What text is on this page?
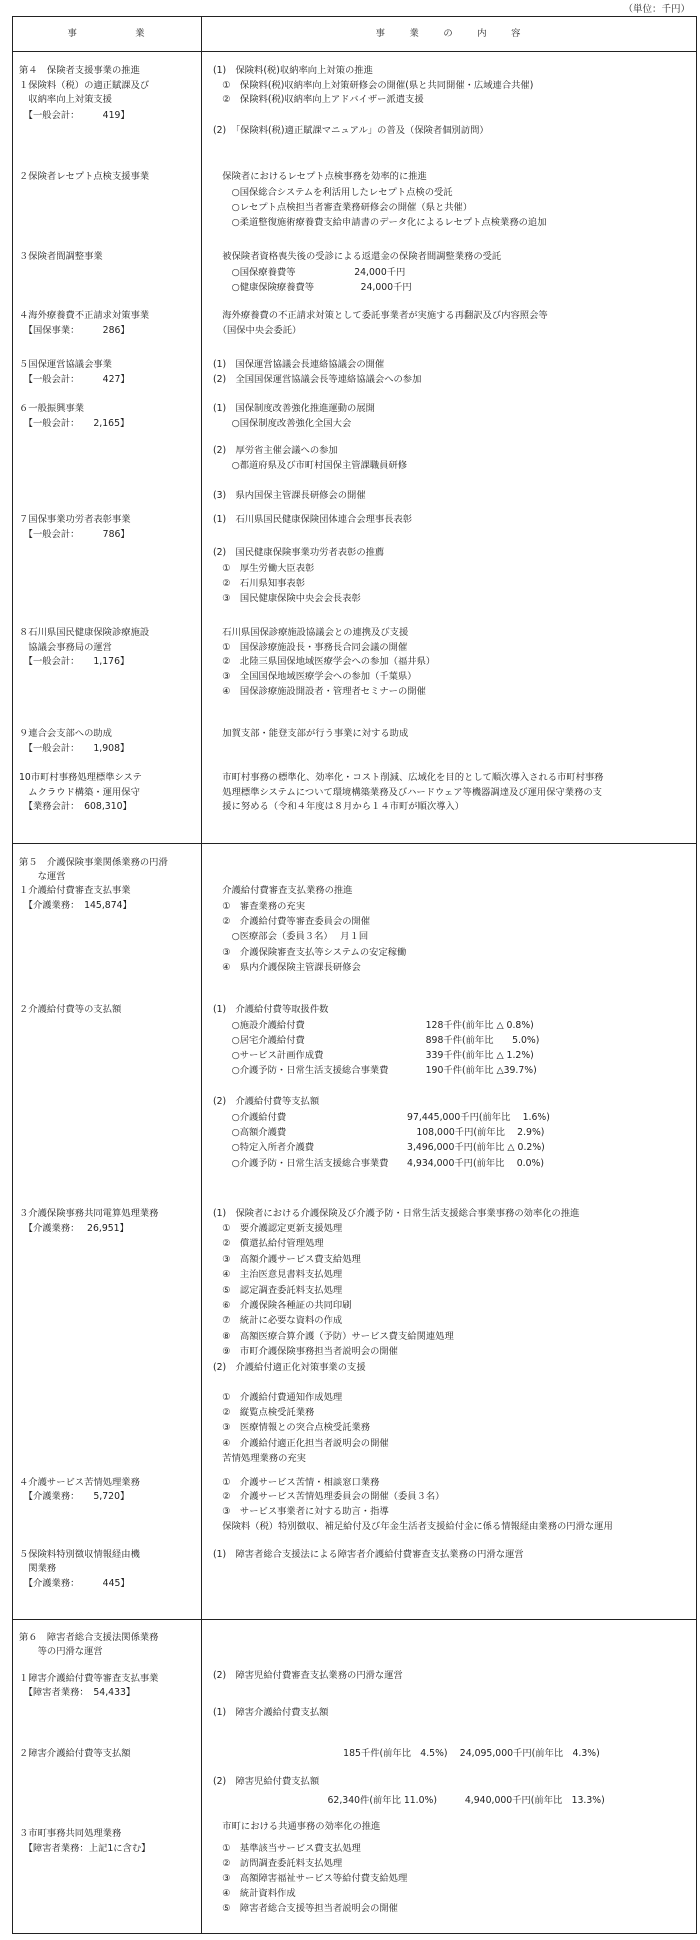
（単位：千円）
事　　　　　業	事　　業　　の　　内　　容
第４　保険者支援事業の推進
１保険料（税）の適正賦課及び
　収納率向上対策支援
　【一般会計：　　　419】
２保険者レセプト点検支援事業
３保険者間調整事業
４海外療養費不正請求対策事業
　【国保事業：　　　286】
５国保運営協議会事業
　【一般会計：　　　427】
６一般振興事業
　【一般会計：　　2,165】
７国保事業功労者表彰事業
　【一般会計：　　　786】
８石川県国民健康保険診療施設
　協議会事務局の運営
　【一般会計：　　1,176】
９連合会支部への助成
　【一般会計：　　1,908】
10市町村事務処理標準システ
　ムクラウド構築・運用保守
　【業務会計：　608,310】
第５　介護保険事業関係業務の円滑
　　な運営
１介護給付費審査支払事業
　【介護業務：　145,874】
２介護給付費等の支払額
３介護保険事務共同電算処理業務
　【介護業務：　 26,951】
４介護サービス苦情処理業務
　【介護業務：　　5,720】
５保険料特別徴収情報経由機
　関業務
　【介護業務：　　　445】
第６　障害者総合支援法関係業務
　　等の円滑な運営
１障害介護給付費等審査支払事業
　【障害者業務：　54,433】
２障害介護給付費等支払額
３市町事務共同処理業務
　【障害者業務：上記1に含む】
(1)　保険料(税)収納率向上対策の推進
　①　保険料(税)収納率向上対策研修会の開催(県と共同開催・広域連合共催)
　②　保険料(税)収納率向上アドバイザー派遣支援
(2)　「保険料(税)適正賦課マニュアル」の普及（保険者個別訪問）
　保険者におけるレセプト点検事務を効率的に推進
　　○国保総合システムを利活用したレセプト点検の受託
　　○レセプト点検担当者審査業務研修会の開催（県と共催）
　　○柔道整復施術療養費支給申請書のデータ化によるレセプト点検業務の追加
　被保険者資格喪失後の受診による返還金の保険者間調整業務の受託
　　○国保療養費等　　　　　　 24,000千円
　　○健康保険療養費等　　　　　24,000千円
　海外療養費の不正請求対策として委託事業者が実施する再翻訳及び内容照会等
　（国保中央会委託）
(1)　国保運営協議会長連絡協議会の開催
(2)　全国国保運営協議会長等連絡協議会への参加
(1)　国保制度改善強化推進運動の展開
　　○国保制度改善強化全国大会
(2)　厚労省主催会議への参加
　　○都道府県及び市町村国保主管課職員研修
(3)　県内国保主管課長研修会の開催
(1)　石川県国民健康保険団体連合会理事長表彰
(2)　国民健康保険事業功労者表彰の推薦
　①　厚生労働大臣表彰
　②　石川県知事表彰
　③　国民健康保険中央会会長表彰
　石川県国保診療施設協議会との連携及び支援
　①　国保診療施設長・事務長合同会議の開催
　②　北陸三県国保地域医療学会への参加（福井県）
　③　全国国保地域医療学会への参加（千葉県）
　④　国保診療施設開設者・管理者セミナーの開催
　加賀支部・能登支部が行う事業に対する助成
　市町村事務の標準化、効率化・コスト削減、広域化を目的として順次導入される市町村事務
　処理標準システムについて環境構築業務及びハードウェア等機器調達及び運用保守業務の支
　援に努める（令和４年度は８月から１４市町が順次導入）
　介護給付費審査支払業務の推進
　①　審査業務の充実
　②　介護給付費等審査委員会の開催
　　○医療部会（委員３名）　 月１回
　③　介護保険審査支払等システムの安定稼働
　④　県内介護保険主管課長研修会
(1)　介護給付費等取扱件数
　　○施設介護給付費　　　　　　　　　　　　　128千件(前年比 △ 0.8%)
　　○居宅介護給付費　　　　　　　　　　　　　898千件(前年比　　5.0%)
　　○サービス計画作成費　　　　　　　　　　　339千件(前年比 △ 1.2%)
　　○介護予防・日常生活支援総合事業費　　　　190千件(前年比 △39.7%)
(2)　介護給付費等支払額
　　○介護給付費　　　　　　　　　　　　　97,445,000千円(前年比　 1.6%)
　　○高額介護費　　　　　　　　　　　　　　108,000千円(前年比　 2.9%)
　　○特定入所者介護費　　　　　　　　　　3,496,000千円(前年比 △ 0.2%)
　　○介護予防・日常生活支援総合事業費　　4,934,000千円(前年比　 0.0%)
(1)　保険者における介護保険及び介護予防・日常生活支援総合事業事務の効率化の推進
　①　要介護認定更新支援処理
　②　償還払給付管理処理
　③　高額介護サービス費支給処理
　④　主治医意見書料支払処理
　⑤　認定調査委託料支払処理
　⑥　介護保険各種証の共同印刷
　⑦　統計に必要な資料の作成
　⑧　高額医療合算介護（予防）サービス費支給関連処理
　⑨　市町介護保険事務担当者説明会の開催
(2)　介護給付適正化対策事業の支援
　①　介護給付費通知作成処理
　②　縦覧点検受託業務
　③　医療情報との突合点検受託業務
　④　介護給付適正化担当者説明会の開催
　苦情処理業務の充実
　①　介護サービス苦情・相談窓口業務
　②　介護サービス苦情処理委員会の開催（委員３名）
　③　サービス事業者に対する助言・指導
　保険料（税）特別徴収、補足給付及び年金生活者支援給付金に係る情報経由業務の円滑な運用
(1)　障害者総合支援法による障害者介護給付費審査支払業務の円滑な運営
(2)　障害児給付費審査支払業務の円滑な運営
(1)　障害介護給付費支払額
　　　　　　　　　　　　　　185千件(前年比　4.5%)　 24,095,000千円(前年比　4.3%)
(2)　障害児給付費支払額
　　　　　　　　　　　　 62,340件(前年比 11.0%)　　　4,940,000千円(前年比　13.3%)
　市町における共通事務の効率化の推進
　①　基準該当サービス費支払処理
　②　訪問調査委託料支払処理
　③　高額障害福祉サービス等給付費支給処理
　④　統計資料作成
　⑤　障害者総合支援等担当者説明会の開催
